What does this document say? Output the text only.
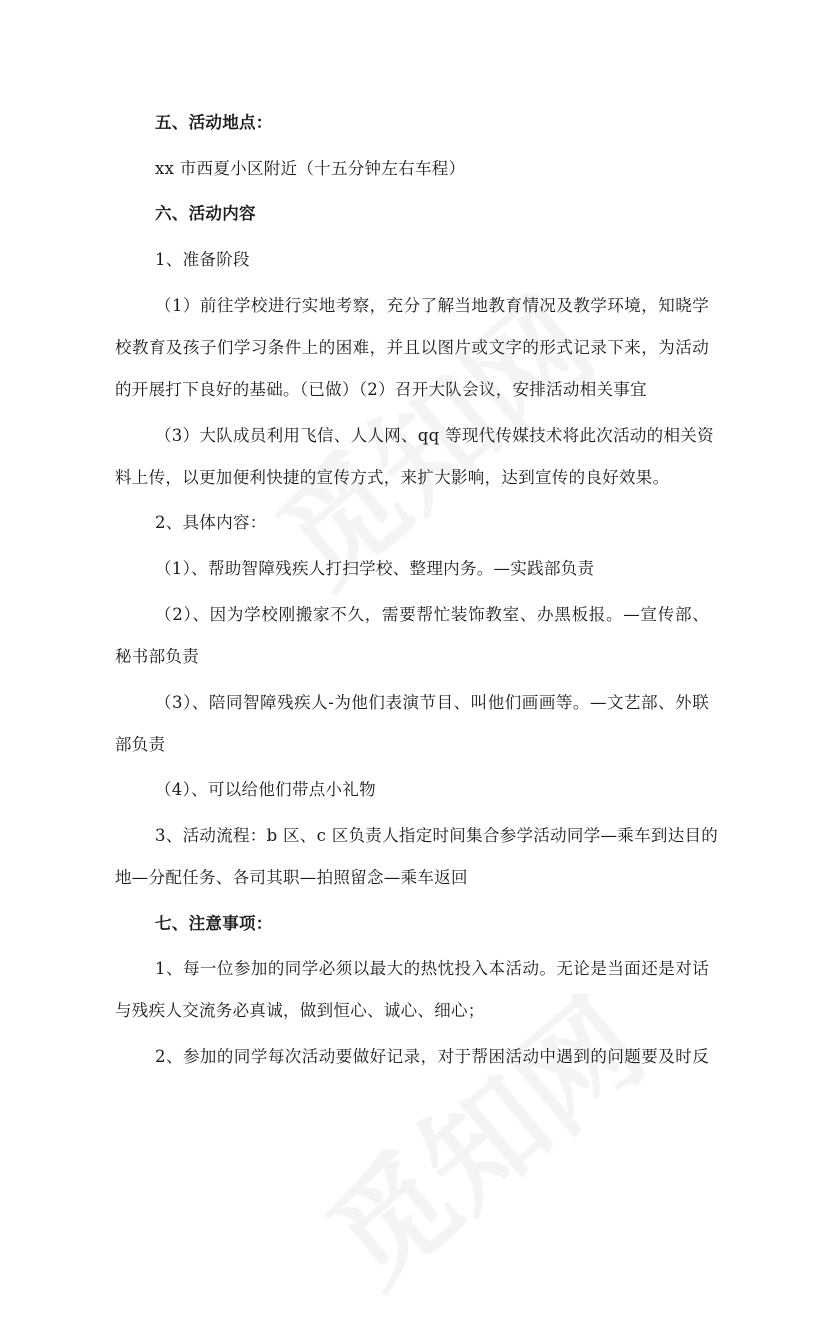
五、活动地点：
xx 市西夏小区附近（十五分钟左右车程）
六、活动内容
1、准备阶段
（1）前往学校进行实地考察，充分了解当地教育情况及教学环境，知晓学
校教育及孩子们学习条件上的困难，并且以图片或文字的形式记录下来，为活动
的开展打下良好的基础。（已做）（2）召开大队会议，安排活动相关事宜
（3）大队成员利用飞信、人人网、qq 等现代传媒技术将此次活动的相关资
料上传，以更加便利快捷的宣传方式，来扩大影响，达到宣传的良好效果。
2、具体内容：
（1）、帮助智障残疾人打扫学校、整理内务。—实践部负责
（2）、因为学校刚搬家不久，需要帮忙装饰教室、办黑板报。—宣传部、
秘书部负责
（3）、陪同智障残疾人-为他们表演节目、叫他们画画等。—文艺部、外联
部负责
（4）、可以给他们带点小礼物
3、活动流程：b 区、c 区负责人指定时间集合参学活动同学—乘车到达目的
地—分配任务、各司其职—拍照留念—乘车返回
七、注意事项：
1、每一位参加的同学必须以最大的热忱投入本活动。无论是当面还是对话
与残疾人交流务必真诚，做到恒心、诚心、细心；
2、参加的同学每次活动要做好记录，对于帮困活动中遇到的问题要及时反
